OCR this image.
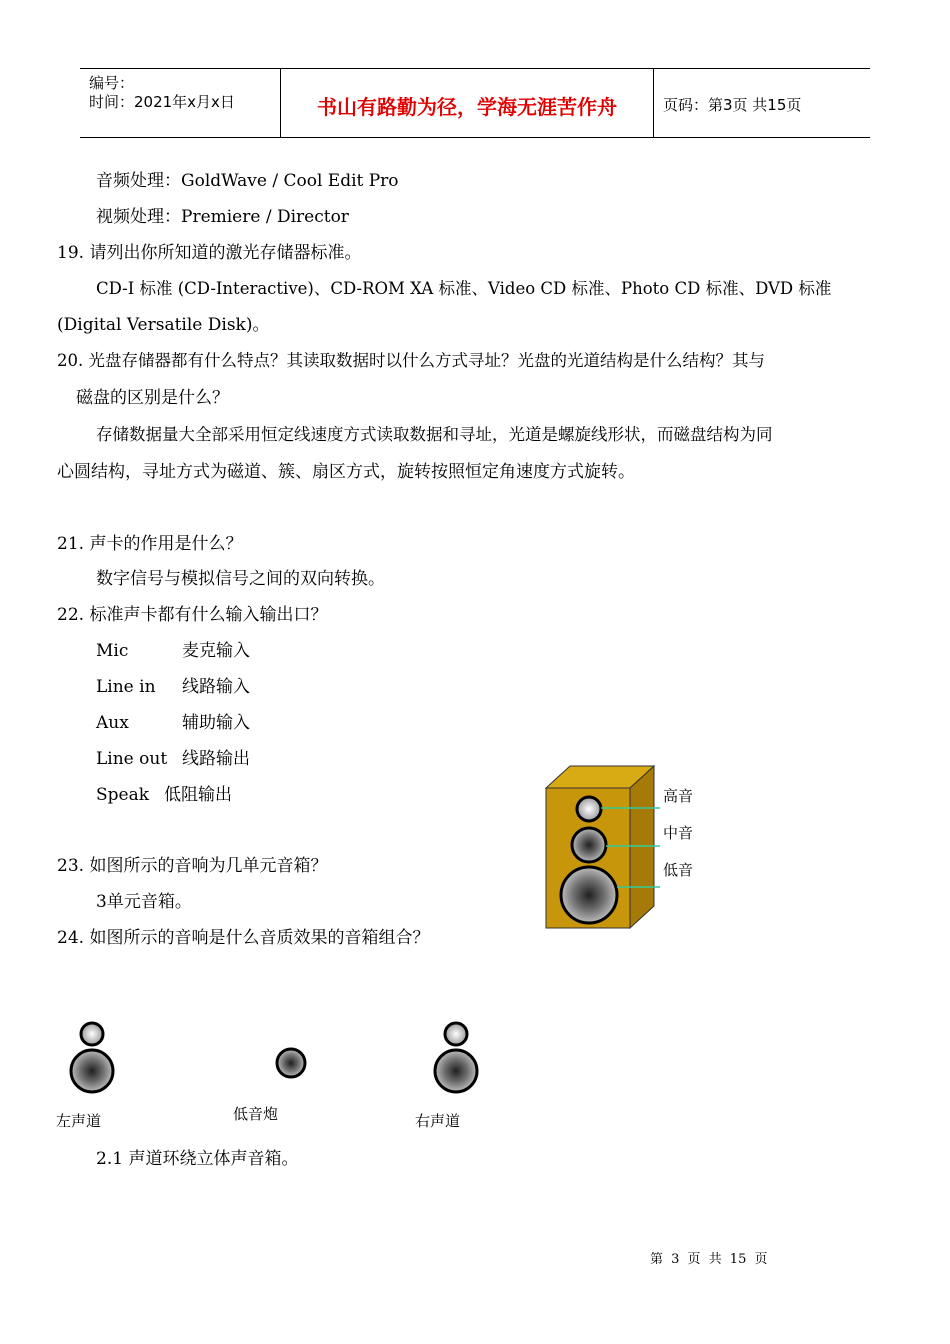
编号：
时间：2021年x月x日	书山有路勤为径，学海无涯苦作舟	页码：第3页 共15页
音频处理：GoldWave / Cool Edit Pro
视频处理：Premiere / Director
19. 请列出你所知道的激光存储器标准。
CD-I 标准 (CD-Interactive)、CD-ROM XA 标准、Video CD 标准、Photo CD 标准、DVD 标准
(Digital Versatile Disk)。
20. 光盘存储器都有什么特点？其读取数据时以什么方式寻址？光盘的光道结构是什么结构？其与
磁盘的区别是什么？
存储数据量大全部采用恒定线速度方式读取数据和寻址，光道是螺旋线形状，而磁盘结构为同
心圆结构，寻址方式为磁道、簇、扇区方式，旋转按照恒定角速度方式旋转。
21. 声卡的作用是什么？
数字信号与模拟信号之间的双向转换。
22. 标准声卡都有什么输入输出口？
Mic	麦克输入
Line in 线路输入
Aux	辅助输入
Line out 线路输出
Speak 低阻输出
23. 如图所示的音响为几单元音箱？
3单元音箱。
24. 如图所示的音响是什么音质效果的音箱组合？
2.1 声道环绕立体声音箱。
高音
中音
低音
左声道	低音炮	右声道
第 3 页 共 15 页
